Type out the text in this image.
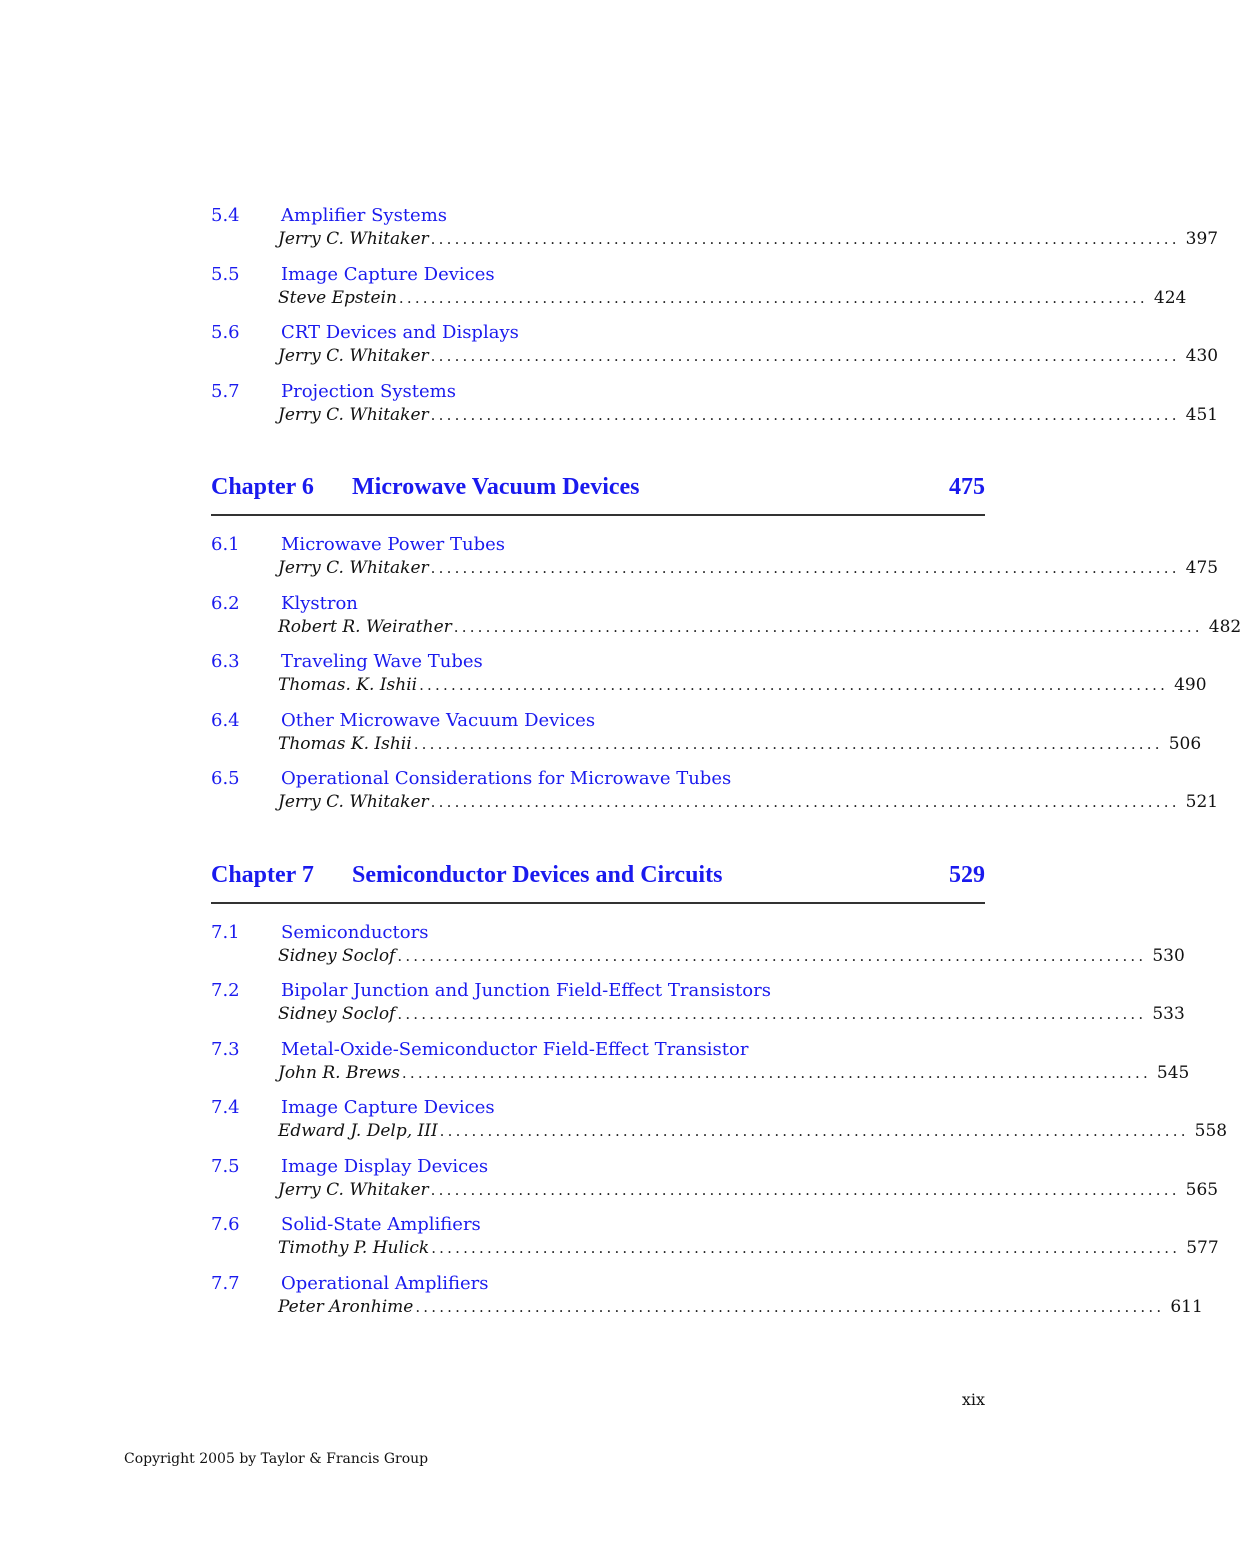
5.4 Amplifier Systems
Jerry C. Whitaker .............................................................................................. 397
5.5 Image Capture Devices
Steve Epstein .............................................................................................. 424
5.6 CRT Devices and Displays
Jerry C. Whitaker .............................................................................................. 430
5.7 Projection Systems
Jerry C. Whitaker .............................................................................................. 451
Chapter 6 Microwave Vacuum Devices	475
6.1 Microwave Power Tubes
Jerry C. Whitaker .............................................................................................. 475
6.2 Klystron
Robert R. Weirather .............................................................................................. 482
6.3 Traveling Wave Tubes
Thomas. K. Ishii .............................................................................................. 490
6.4 Other Microwave Vacuum Devices
Thomas K. Ishii .............................................................................................. 506
6.5 Operational Considerations for Microwave Tubes
Jerry C. Whitaker .............................................................................................. 521
Chapter 7 Semiconductor Devices and Circuits	529
7.1 Semiconductors
Sidney Soclof .............................................................................................. 530
7.2 Bipolar Junction and Junction Field-Effect Transistors
Sidney Soclof .............................................................................................. 533
7.3 Metal-Oxide-Semiconductor Field-Effect Transistor
John R. Brews .............................................................................................. 545
7.4 Image Capture Devices
Edward J. Delp, III .............................................................................................. 558
7.5 Image Display Devices
Jerry C. Whitaker .............................................................................................. 565
7.6 Solid-State Amplifiers
Timothy P. Hulick .............................................................................................. 577
7.7 Operational Amplifiers
Peter Aronhime .............................................................................................. 611
xix
Copyright 2005 by Taylor & Francis Group
